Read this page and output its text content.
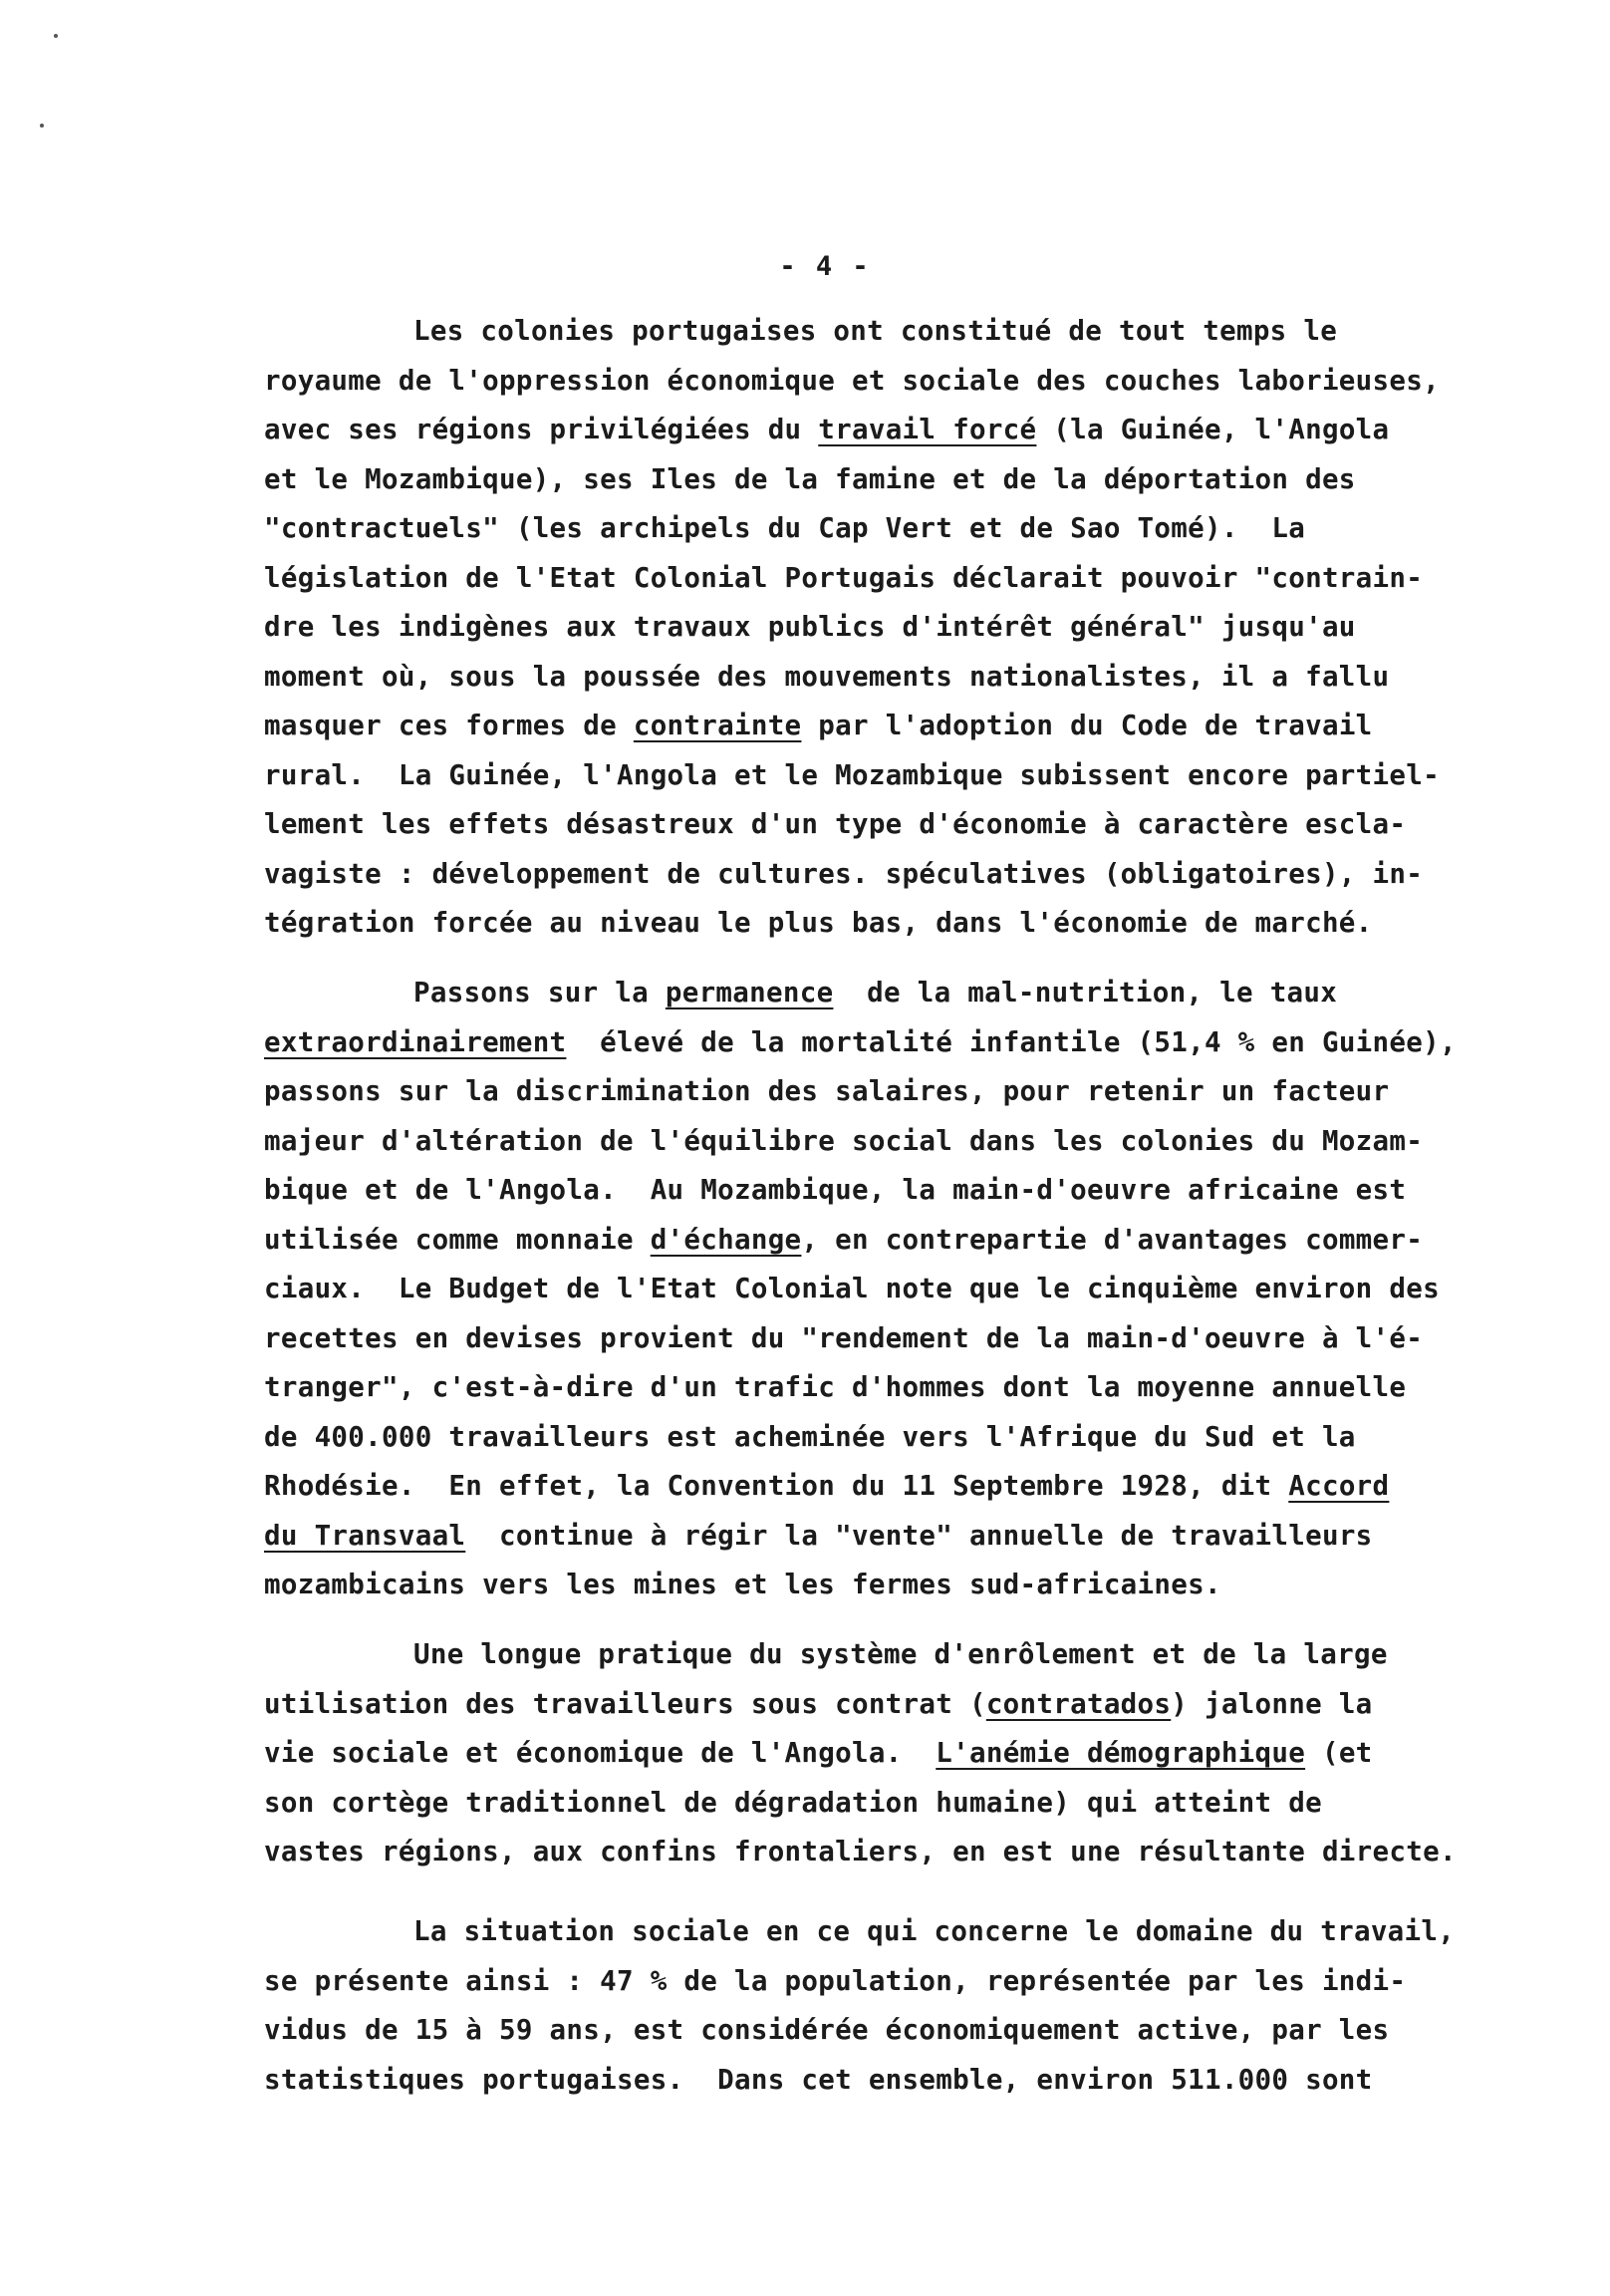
- 4 -
Les colonies portugaises ont constitué de tout temps le
royaume de l'oppression économique et sociale des couches laborieuses,
avec ses régions privilégiées du travail forcé (la Guinée, l'Angola
et le Mozambique), ses Iles de la famine et de la déportation des
"contractuels" (les archipels du Cap Vert et de Sao Tomé).  La
législation de l'Etat Colonial Portugais déclarait pouvoir "contrain-
dre les indigènes aux travaux publics d'intérêt général" jusqu'au
moment où, sous la poussée des mouvements nationalistes, il a fallu
masquer ces formes de contrainte par l'adoption du Code de travail
rural.  La Guinée, l'Angola et le Mozambique subissent encore partiel-
lement les effets désastreux d'un type d'économie à caractère escla-
vagiste : développement de cultures. spéculatives (obligatoires), in-
tégration forcée au niveau le plus bas, dans l'économie de marché.
Passons sur la permanence  de la mal-nutrition, le taux
extraordinairement  élevé de la mortalité infantile (51,4 % en Guinée),
passons sur la discrimination des salaires, pour retenir un facteur
majeur d'altération de l'équilibre social dans les colonies du Mozam-
bique et de l'Angola.  Au Mozambique, la main-d'oeuvre africaine est
utilisée comme monnaie d'échange, en contrepartie d'avantages commer-
ciaux.  Le Budget de l'Etat Colonial note que le cinquième environ des
recettes en devises provient du "rendement de la main-d'oeuvre à l'é-
tranger", c'est-à-dire d'un trafic d'hommes dont la moyenne annuelle
de 400.000 travailleurs est acheminée vers l'Afrique du Sud et la
Rhodésie.  En effet, la Convention du 11 Septembre 1928, dit Accord
du Transvaal  continue à régir la "vente" annuelle de travailleurs
mozambicains vers les mines et les fermes sud-africaines.
Une longue pratique du système d'enrôlement et de la large
utilisation des travailleurs sous contrat (contratados) jalonne la
vie sociale et économique de l'Angola.  L'anémie démographique (et
son cortège traditionnel de dégradation humaine) qui atteint de
vastes régions, aux confins frontaliers, en est une résultante directe.
La situation sociale en ce qui concerne le domaine du travail,
se présente ainsi : 47 % de la population, représentée par les indi-
vidus de 15 à 59 ans, est considérée économiquement active, par les
statistiques portugaises.  Dans cet ensemble, environ 511.000 sont
